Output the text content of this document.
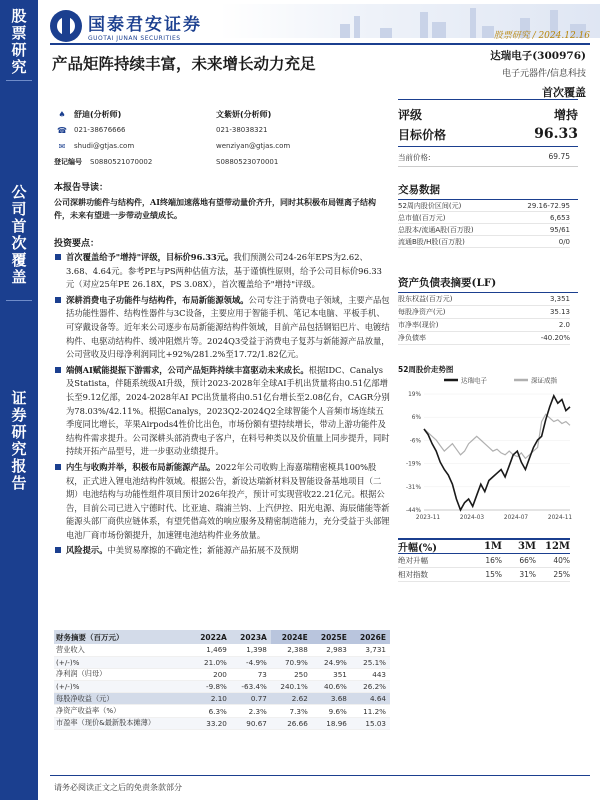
股票研究
公司首次覆盖
证券研究报告
国泰君安证券
GUOTAI JUNAN SECURITIES	股票研究 / 2024.12.16
产品矩阵持续丰富，未来增长动力充足	达瑞电子(300976)
电子元器件/信息科技
首次覆盖
♠	舒迪(分析师)	文紫妍(分析师)
☎	021-38676666	021-38038321
✉	shudi@gtjas.com	wenziyan@gtjas.com
登记编号	S0880521070002	S0880523070001
评级	增持
目标价格	96.33
当前价格:	69.75
交易数据
52周内股价区间(元)	29.16-72.95
总市值(百万元)	6,653
总股本/流通A股(百万股)	95/61
流通B股/H股(百万股)	0/0
资产负债表摘要(LF)
股东权益(百万元)	3,351
每股净资产(元)	35.13
市净率(现价)	2.0
净负债率	-40.20%
52周股价走势图
达瑞电子	深证成指
19%
6%
-6%
-19%
-31%
-44%
2023-11	2024-03	2024-07	2024-11
升幅(%)	1M	3M 12M
绝对升幅	16%	66%	40%
相对指数	15%	31%	25%
本报告导读：
公司深耕功能件与结构件，AI终端加速落地有望带动量价齐升，同时其积极布局锂离子结构件，未来有望进一步带动业绩成长。
投资要点：
首次覆盖给予"增持"评级，目标价96.33元。我们预测公司24-26年EPS为2.62、3.68、4.64元。参考PE与PS两种估值方法，基于谨慎性原则，给予公司目标价96.33元（对应25年PE 26.18X，PS 3.08X），首次覆盖给予"增持"评级。
深耕消费电子功能件与结构件，布局新能源领域。公司专注于消费电子领域，主要产品包括功能性器件、结构性器件与3C设备，主要应用于智能手机、笔记本电脑、平板手机、可穿戴设备等。近年来公司逐步布局新能源结构件领域，目前产品包括钢铝巴片、电镀结构件、电驱动结构件、缓冲阻燃片等。2024Q3受益于消费电子复苏与新能源产品放量，公司营收及归母净利润同比+92%/281.2%至17.72/1.82亿元。
端侧AI赋能提振下游需求，公司产品矩阵持续丰富驱动未来成长。根据IDC、Canalys及Statista，伴随系统级AI升级，预计2023-2028年全球AI手机出货量将由0.51亿部增长至9.12亿部，2024-2028年AI PC出货量将由0.51亿台增长至2.08亿台，CAGR分别为78.03%/42.11%。根据Canalys，2023Q2-2024Q2全球智能个人音频市场连续五季度同比增长，苹果Airpods4性价比出色，市场份额有望持续增长，带动上游功能件及结构件需求提升。公司深耕头部消费电子客户，在料号种类以及价值量上同步提升，同时持续开拓产品型号，进一步驱动业绩提升。
内生与收购并举，积极布局新能源产品。2022年公司收购上海嘉瑞精密模具100%股权，正式进入锂电池结构件领域。根据公告，新设达瑞新材料及智能设备基地项目（二期）电池结构与功能性组件项目预计2026年投产，预计可实现营收22.21亿元。根据公告，目前公司已进入宁德时代、比亚迪、瑞浦兰钧、上汽伊控、阳光电源、海辰储能等新能源头部厂商供应链体系，有望凭借高效的响应服务及精密制造能力，充分受益于头部锂电池厂商市场份额提升，加速锂电池结构件业务放量。
风险提示。中美贸易摩擦的不确定性；新能源产品拓展不及预期
财务摘要（百万元）	2022A	2023A	2024E	2025E	2026E
营业收入	1,469	1,398	2,388	2,983	3,731
(+/-)%	21.0%	-4.9%	70.9%	24.9%	25.1%
净利润（归母）	200	73	250	351	443
(+/-)%	-9.8%	-63.4%	240.1%	40.6%	26.2%
每股净收益（元）	2.10	0.77	2.62	3.68	4.64
净资产收益率（%）	6.3%	2.3%	7.3%	9.6%	11.2%
市盈率（现价&最新股本摊薄）	33.20	90.67	26.66	18.96	15.03
请务必阅读正文之后的免责条款部分
